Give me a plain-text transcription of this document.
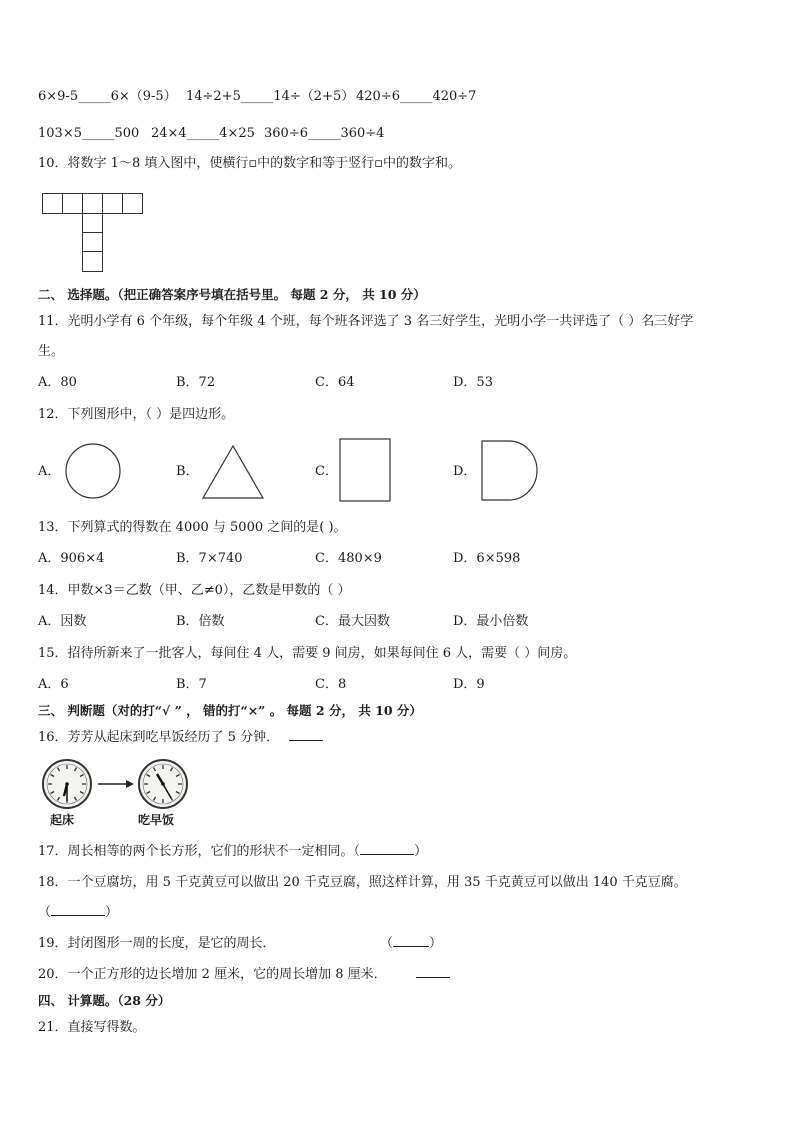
6×9-5_____6×（9-5） 14÷2+5_____14÷（2+5） 420÷6_____420÷7
103×5_____500 24×4_____4×25 360÷6_____360÷4
10．将数字 1～8 填入图中，使横行▫中的数字和等于竖行▫中的数字和。
二、 选择题。（把正确答案序号填在括号里。 每题 2 分， 共 10 分）
11．光明小学有 6 个年级，每个年级 4 个班，每个班各评选了 3 名三好学生，光明小学一共评选了（ ）名三好学
生。
A．80	B．72	C．64	D．53
12．下列图形中，（ ）是四边形。
A．	B．	C．	D．
13．下列算式的得数在 4000 与 5000 之间的是( )。
A．906×4	B．7×740	C．480×9	D．6×598
14．甲数×3＝乙数（甲、乙≠0），乙数是甲数的（ ）
A．因数	B．倍数	C．最大因数	D．最小倍数
15．招待所新来了一批客人，每间住 4 人，需要 9 间房，如果每间住 6 人，需要（ ）间房。
A．6	B．7	C．8	D．9
三、 判断题（对的打“√ ” ， 错的打“×” 。 每题 2 分， 共 10 分）
16．芳芳从起床到吃早饭经历了 5 分钟．
起床	吃早饭
17．周长相等的两个长方形，它们的形状不一定相同。（	）
18．一个豆腐坊，用 5 千克黄豆可以做出 20 千克豆腐，照这样计算，用 35 千克黄豆可以做出 140 千克豆腐。
（	）
19．封闭图形一周的长度，是它的周长．	（	）
20．一个正方形的边长增加 2 厘米，它的周长增加 8 厘米．
四、 计算题。（28 分）
21．直接写得数。
